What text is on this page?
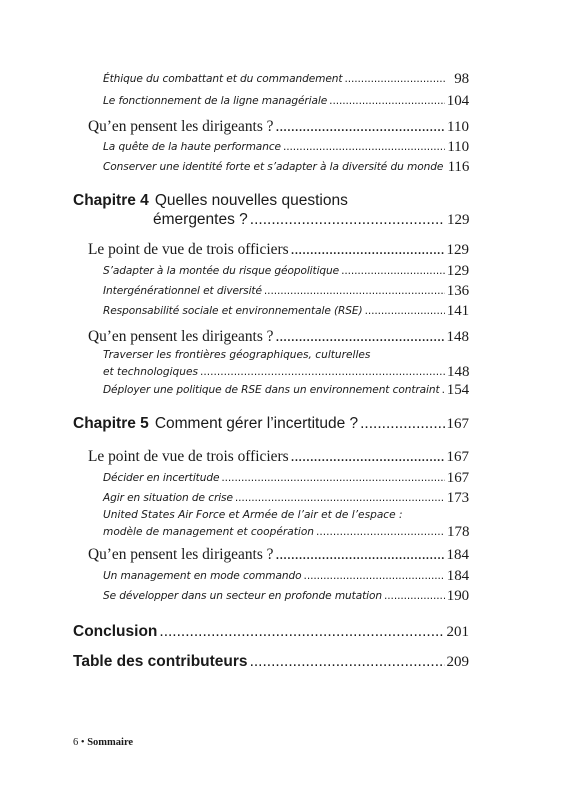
Éthique du combattant et du commandement .....	98
Le fonctionnement de la ligne managériale .....	104
Qu’en pensent les dirigeants ? .....	110
La quête de la haute performance .....	110
Conserver une identité forte et s’adapter à la diversité du monde 116
Chapitre 4 Quelles nouvelles questions
émergentes ? .....	129
Le point de vue de trois officiers .....	129
S’adapter à la montée du risque géopolitique .....	129
Intergénérationnel et diversité .....	136
Responsabilité sociale et environnementale (RSE) .....	141
Qu’en pensent les dirigeants ? .....	148
Traverser les frontières géographiques, culturelles
et technologiques .....	148
Déployer une politique de RSE dans un environnement contraint ..... 154
Chapitre 5 Comment gérer l’incertitude ? .....	167
Le point de vue de trois officiers .....	167
Décider en incertitude .....	167
Agir en situation de crise .....	173
United States Air Force et Armée de l’air et de l’espace :
modèle de management et coopération .....	178
Qu’en pensent les dirigeants ? .....	184
Un management en mode commando .....	184
Se développer dans un secteur en profonde mutation .....	190
Conclusion .....	201
Table des contributeurs .....	209
6 • Sommaire
